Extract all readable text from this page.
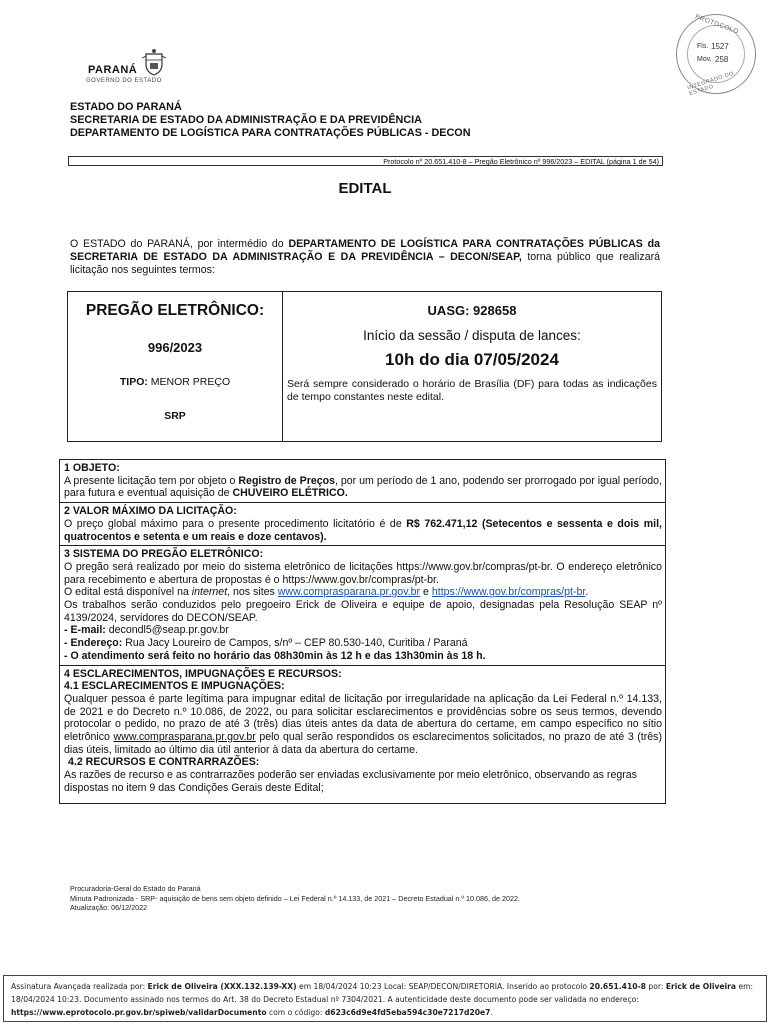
PARANÁ
GOVERNO DO ESTADO
PROTOCOLO
INTEGRADO DO ESTADO
Fls. 1527
Mov. 258
ESTADO DO PARANÁ
SECRETARIA DE ESTADO DA ADMINISTRAÇÃO E DA PREVIDÊNCIA
DEPARTAMENTO DE LOGÍSTICA PARA CONTRATAÇÕES PÚBLICAS - DECON
Protocolo nº 20.651.410-8 – Pregão Eletrônico nº 996/2023 – EDITAL (página 1 de 54)
EDITAL
O ESTADO do PARANÁ, por intermédio do DEPARTAMENTO DE LOGÍSTICA PARA CONTRATAÇÕES PÚBLICAS da SECRETARIA DE ESTADO DA ADMINISTRAÇÃO E DA PREVIDÊNCIA – DECON/SEAP, torna público que realizará licitação nos seguintes termos:
PREGÃO ELETRÔNICO:
996/2023
TIPO: MENOR PREÇO
SRP
UASG: 928658
Início da sessão / disputa de lances:
10h do dia 07/05/2024
Será sempre considerado o horário de Brasília (DF) para todas as indicações de tempo constantes neste edital.
1 OBJETO:
A presente licitação tem por objeto o Registro de Preços, por um período de 1 ano, podendo ser prorrogado por igual período, para futura e eventual aquisição de CHUVEIRO ELÉTRICO.
2 VALOR MÁXIMO DA LICITAÇÃO:
O preço global máximo para o presente procedimento licitatório é de R$ 762.471,12 (Setecentos e sessenta e dois mil, quatrocentos e setenta e um reais e doze centavos).
3 SISTEMA DO PREGÃO ELETRÔNICO:
O pregão será realizado por meio do sistema eletrônico de licitações https://www.gov.br/compras/pt-br. O endereço eletrônico para recebimento e abertura de propostas é o https://www.gov.br/compras/pt-br.
O edital está disponível na internet, nos sites www.comprasparana.pr.gov.br e https://www.gov.br/compras/pt-br.
Os trabalhos serão conduzidos pelo pregoeiro Erick de Oliveira e equipe de apoio, designadas pela Resolução SEAP nº 4139/2024, servidores do DECON/SEAP.
- E-mail: decondl5@seap.pr.gov.br
- Endereço: Rua Jacy Loureiro de Campos, s/nº – CEP 80.530-140, Curitiba / Paraná
- O atendimento será feito no horário das 08h30min às 12 h e das 13h30min às 18 h.
4 ESCLARECIMENTOS, IMPUGNAÇÕES E RECURSOS:
4.1 ESCLARECIMENTOS E IMPUGNAÇÕES:
Qualquer pessoa é parte legítima para impugnar edital de licitação por irregularidade na aplicação da Lei Federal n.º 14.133, de 2021 e do Decreto n.º 10.086, de 2022, ou para solicitar esclarecimentos e providências sobre os seus termos, devendo protocolar o pedido, no prazo de até 3 (três) dias úteis antes da data de abertura do certame, em campo específico no sítio eletrônico www.comprasparana.pr.gov.br pelo qual serão respondidos os esclarecimentos solicitados, no prazo de até 3 (três) dias úteis, limitado ao último dia útil anterior à data da abertura do certame.
4.2 RECURSOS E CONTRARRAZÕES:
As razões de recurso e as contrarrazões poderão ser enviadas exclusivamente por meio eletrônico, observando as regras dispostas no item 9 das Condições Gerais deste Edital;
Procuradoria-Geral do Estado do Paraná
Minuta Padronizada - SRP- aquisição de bens sem objeto definido – Lei Federal n.º 14.133, de 2021 – Decreto Estadual n.º 10.086, de 2022.
Atualização: 06/12/2022
Assinatura Avançada realizada por: Erick de Oliveira (XXX.132.139-XX) em 18/04/2024 10:23 Local: SEAP/DECON/DIRETORIA. Inserido ao protocolo 20.651.410-8 por: Erick de Oliveira em: 18/04/2024 10:23. Documento assinado nos termos do Art. 38 do Decreto Estadual nº 7304/2021. A autenticidade deste documento pode ser validada no endereço: https://www.eprotocolo.pr.gov.br/spiweb/validarDocumento com o código: d623c6d9e4fd5eba594c30e7217d20e7.
